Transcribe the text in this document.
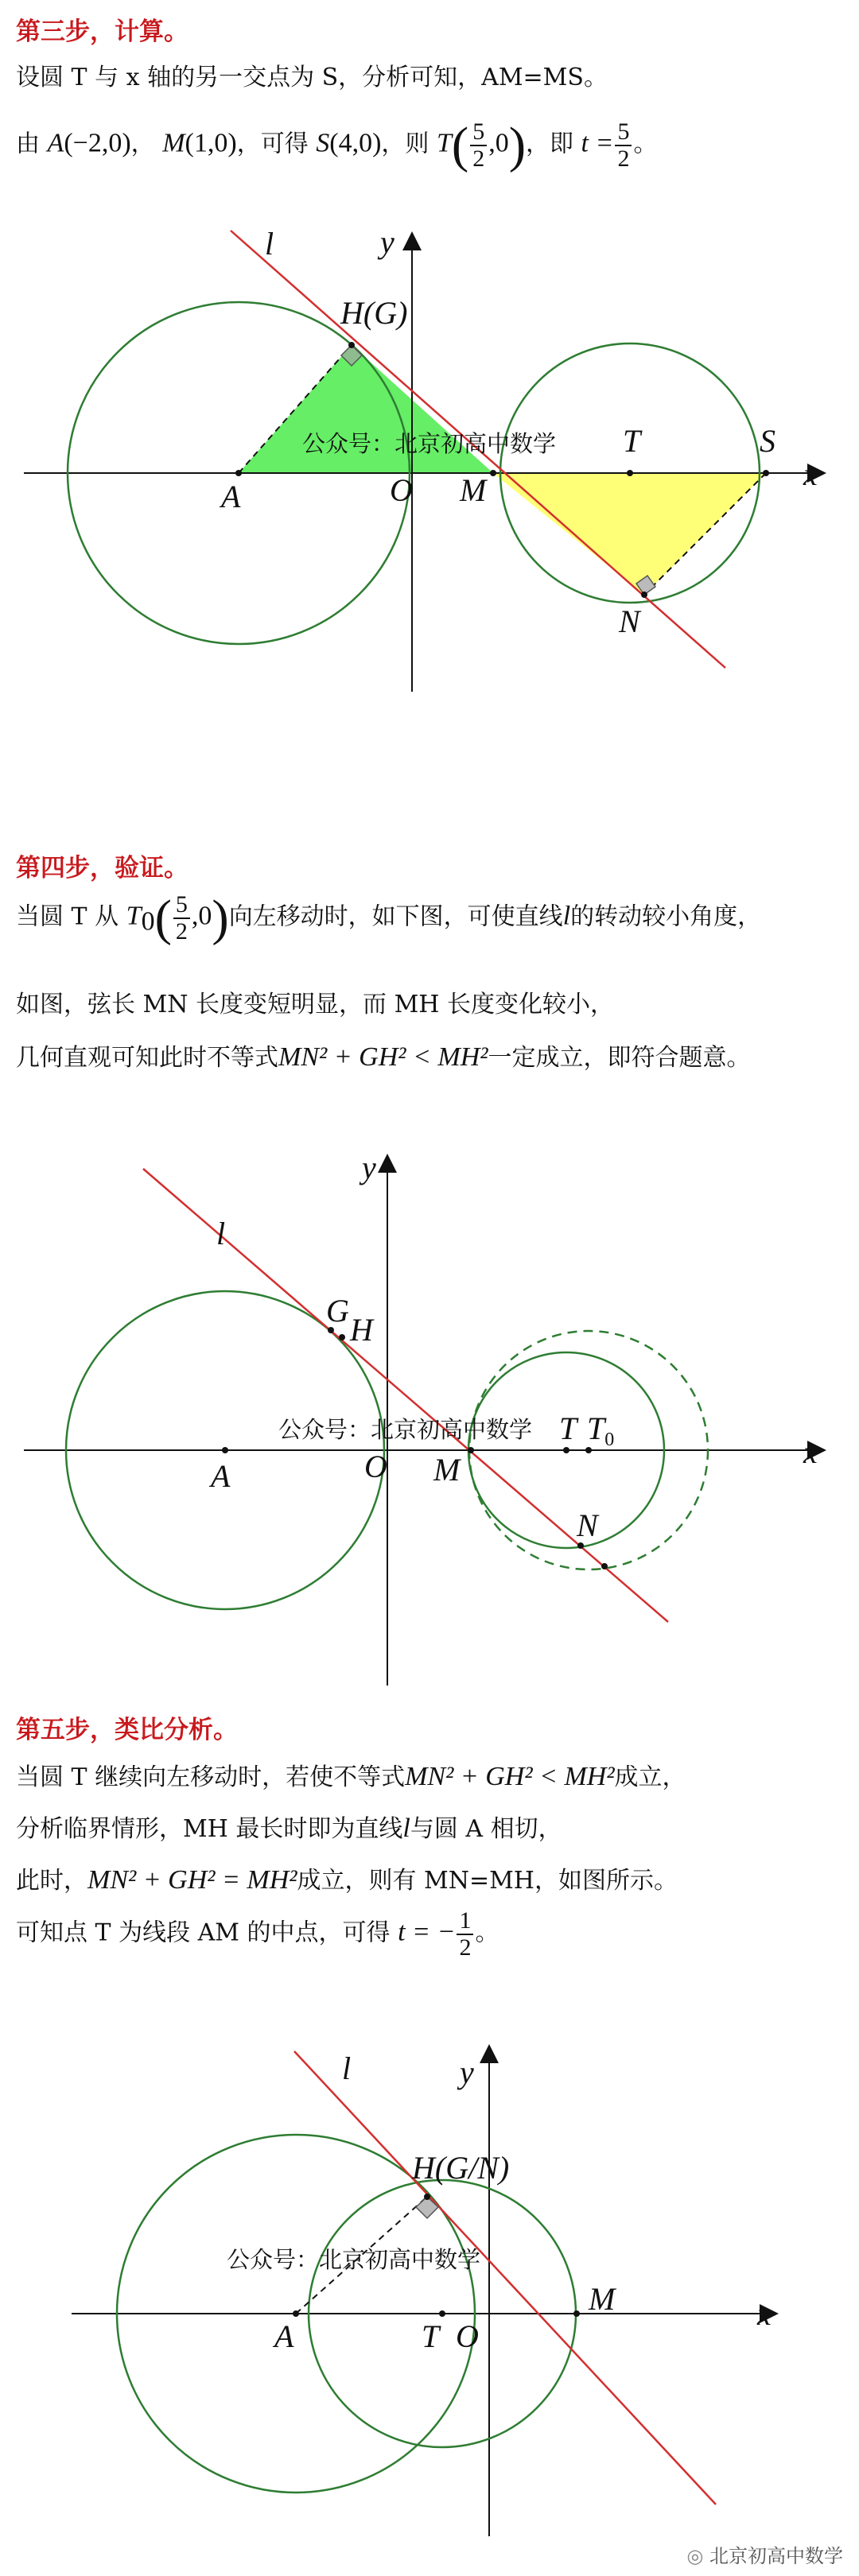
第三步，计算。
设圆 T 与 x 轴的另一交点为 S，分析可知，AM=MS。
由 A(−2,0)， M(1,0)，可得 S(4,0)，则 $T( \frac{5}{2} ,0)$，即 $t = \frac{5}{2}$ 。
l	y
x
H(G)
A	O M
T	S
N
公众号：北京初高中数学
第四步，验证。
当圆 T 从 $T_0( \frac{5}{2} ,0)$向左移动时，如下图，可使直线l的转动较小角度，
如图，弦长 MN 长度变短明显，而 MH 长度变化较小，
几何直观可知此时不等式MN² + GH² < MH²一定成立，即符合题意。
l
y
x
G
H
A	O M
T $T_0$
N
公众号：北京初高中数学
第五步，类比分析。
当圆 T 继续向左移动时，若使不等式MN² + GH² < MH²成立，
分析临界情形，MH 最长时即为直线l与圆 A 相切，
此时，MN² + GH² = MH²成立，则有 MN=MH，如图所示。
可知点 T 为线段 AM 的中点，可得 t = − $\frac{1}{2}$ 。
l	y
x
H(G/N)
A	T O
M
公众号：北京初高中数学
◎ 北京初高中数学
